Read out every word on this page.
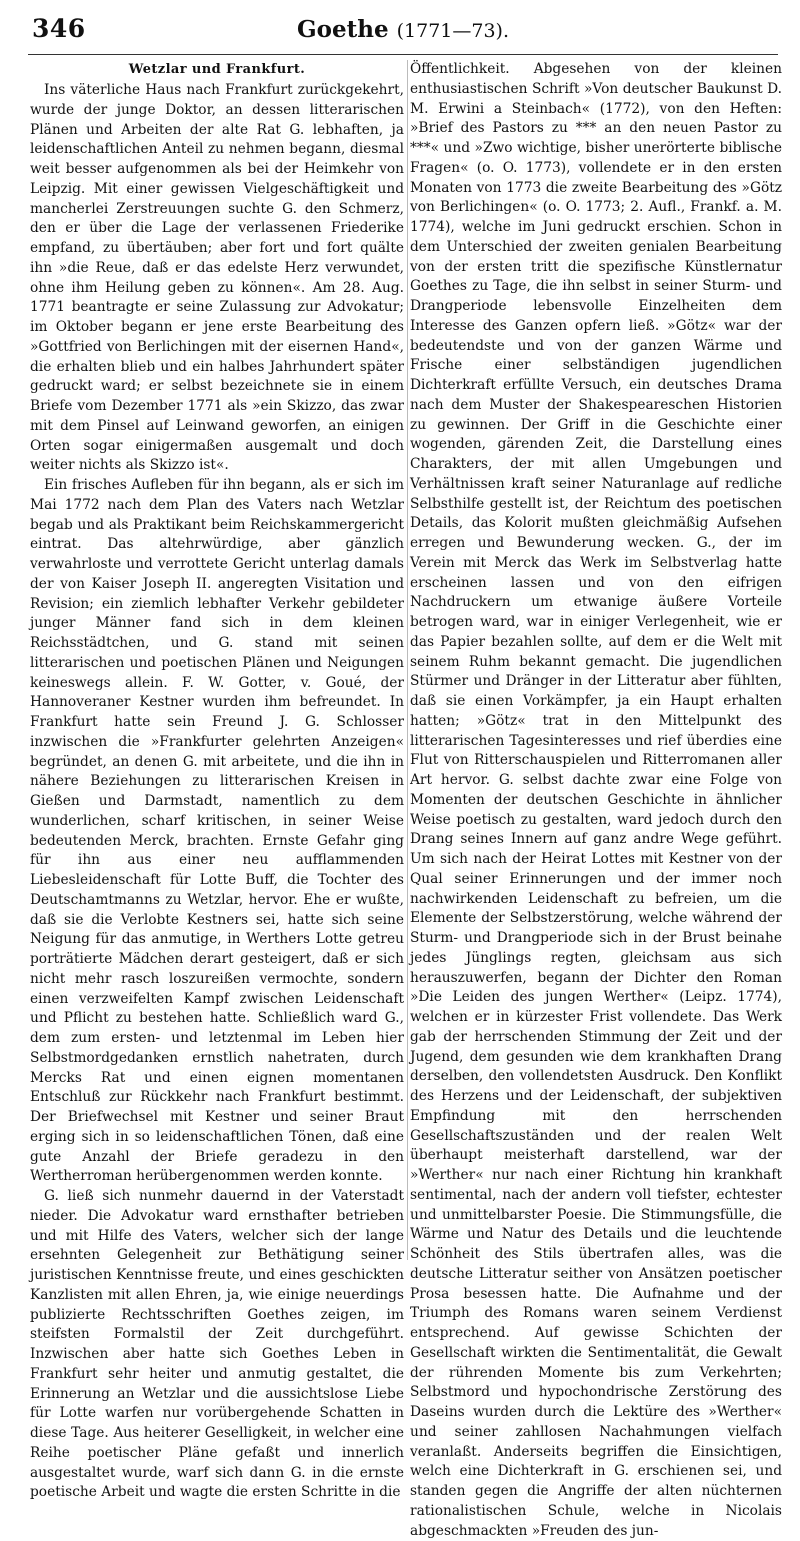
346	Goethe (1771—73).
Wetzlar und Frankfurt.

Ins väterliche Haus nach Frankfurt zurückgekehrt, wurde der junge Doktor, an dessen litterarischen Plänen und Arbeiten der alte Rat G. lebhaften, ja leidenschaftlichen Anteil zu nehmen begann, diesmal weit besser aufgenommen als bei der Heimkehr von Leipzig. Mit einer gewissen Vielgeschäftigkeit und mancherlei Zerstreuungen suchte G. den Schmerz, den er über die Lage der verlassenen Friederike empfand, zu übertäuben; aber fort und fort quälte ihn »die Reue, daß er das edelste Herz verwundet, ohne ihm Heilung geben zu können«. Am 28. Aug. 1771 beantragte er seine Zulassung zur Advokatur; im Oktober begann er jene erste Bearbeitung des »Gottfried von Berlichingen mit der eisernen Hand«, die erhalten blieb und ein halbes Jahrhundert später gedruckt ward; er selbst bezeichnete sie in einem Briefe vom Dezember 1771 als »ein Skizzo, das zwar mit dem Pinsel auf Leinwand geworfen, an einigen Orten sogar einigermaßen ausgemalt und doch weiter nichts als Skizzo ist«.

Ein frisches Aufleben für ihn begann, als er sich im Mai 1772 nach dem Plan des Vaters nach Wetzlar begab und als Praktikant beim Reichskammergericht eintrat. Das altehrwürdige, aber gänzlich verwahrloste und verrottete Gericht unterlag damals der von Kaiser Joseph II. angeregten Visitation und Revision; ein ziemlich lebhafter Verkehr gebildeter junger Männer fand sich in dem kleinen Reichsstädtchen, und G. stand mit seinen litterarischen und poetischen Plänen und Neigungen keineswegs allein. F. W. Gotter, v. Goué, der Hannoveraner Kestner wurden ihm befreundet. In Frankfurt hatte sein Freund J. G. Schlosser inzwischen die »Frankfurter gelehrten Anzeigen« begründet, an denen G. mit arbeitete, und die ihn in nähere Beziehungen zu litterarischen Kreisen in Gießen und Darmstadt, namentlich zu dem wunderlichen, scharf kritischen, in seiner Weise bedeutenden Merck, brachten. Ernste Gefahr ging für ihn aus einer neu aufflammenden Liebesleidenschaft für Lotte Buff, die Tochter des Deutschamtmanns zu Wetzlar, hervor. Ehe er wußte, daß sie die Verlobte Kestners sei, hatte sich seine Neigung für das anmutige, in Werthers Lotte getreu porträtierte Mädchen derart gesteigert, daß er sich nicht mehr rasch loszureißen vermochte, sondern einen verzweifelten Kampf zwischen Leidenschaft und Pflicht zu bestehen hatte. Schließlich ward G., dem zum ersten- und letztenmal im Leben hier Selbstmordgedanken ernstlich nahetraten, durch Mercks Rat und einen eignen momentanen Entschluß zur Rückkehr nach Frankfurt bestimmt. Der Briefwechsel mit Kestner und seiner Braut erging sich in so leidenschaftlichen Tönen, daß eine gute Anzahl der Briefe geradezu in den Wertherroman herübergenommen werden konnte.

G. ließ sich nunmehr dauernd in der Vaterstadt nieder. Die Advokatur ward ernsthafter betrieben und mit Hilfe des Vaters, welcher sich der lange ersehnten Gelegenheit zur Bethätigung seiner juristischen Kenntnisse freute, und eines geschickten Kanzlisten mit allen Ehren, ja, wie einige neuerdings publizierte Rechtsschriften Goethes zeigen, im steifsten Formalstil der Zeit durchgeführt. Inzwischen aber hatte sich Goethes Leben in Frankfurt sehr heiter und anmutig gestaltet, die Erinnerung an Wetzlar und die aussichtslose Liebe für Lotte warfen nur vorübergehende Schatten in diese Tage. Aus heiterer Geselligkeit, in welcher eine Reihe poetischer Pläne gefaßt und innerlich ausgestaltet wurde, warf sich dann G. in die ernste poetische Arbeit und wagte die ersten Schritte in die

Öffentlichkeit. Abgesehen von der kleinen enthusiastischen Schrift »Von deutscher Baukunst D. M. Erwini a Steinbach« (1772), von den Heften: »Brief des Pastors zu *** an den neuen Pastor zu ***« und »Zwo wichtige, bisher unerörterte biblische Fragen« (o. O. 1773), vollendete er in den ersten Monaten von 1773 die zweite Bearbeitung des »Götz von Berlichingen« (o. O. 1773; 2. Aufl., Frankf. a. M. 1774), welche im Juni gedruckt erschien. Schon in dem Unterschied der zweiten genialen Bearbeitung von der ersten tritt die spezifische Künstlernatur Goethes zu Tage, die ihn selbst in seiner Sturm- und Drangperiode lebensvolle Einzelheiten dem Interesse des Ganzen opfern ließ. »Götz« war der bedeutendste und von der ganzen Wärme und Frische einer selbständigen jugendlichen Dichterkraft erfüllte Versuch, ein deutsches Drama nach dem Muster der Shakespeareschen Historien zu gewinnen. Der Griff in die Geschichte einer wogenden, gärenden Zeit, die Darstellung eines Charakters, der mit allen Umgebungen und Verhältnissen kraft seiner Naturanlage auf redliche Selbsthilfe gestellt ist, der Reichtum des poetischen Details, das Kolorit mußten gleichmäßig Aufsehen erregen und Bewunderung wecken. G., der im Verein mit Merck das Werk im Selbstverlag hatte erscheinen lassen und von den eifrigen Nachdruckern um etwanige äußere Vorteile betrogen ward, war in einiger Verlegenheit, wie er das Papier bezahlen sollte, auf dem er die Welt mit seinem Ruhm bekannt gemacht. Die jugendlichen Stürmer und Dränger in der Litteratur aber fühlten, daß sie einen Vorkämpfer, ja ein Haupt erhalten hatten; »Götz« trat in den Mittelpunkt des litterarischen Tagesinteresses und rief überdies eine Flut von Ritterschauspielen und Ritterromanen aller Art hervor. G. selbst dachte zwar eine Folge von Momenten der deutschen Geschichte in ähnlicher Weise poetisch zu gestalten, ward jedoch durch den Drang seines Innern auf ganz andre Wege geführt. Um sich nach der Heirat Lottes mit Kestner von der Qual seiner Erinnerungen und der immer noch nachwirkenden Leidenschaft zu befreien, um die Elemente der Selbstzerstörung, welche während der Sturm- und Drangperiode sich in der Brust beinahe jedes Jünglings regten, gleichsam aus sich herauszuwerfen, begann der Dichter den Roman »Die Leiden des jungen Werther« (Leipz. 1774), welchen er in kürzester Frist vollendete. Das Werk gab der herrschenden Stimmung der Zeit und der Jugend, dem gesunden wie dem krankhaften Drang derselben, den vollendetsten Ausdruck. Den Konflikt des Herzens und der Leidenschaft, der subjektiven Empfindung mit den herrschenden Gesellschaftszuständen und der realen Welt überhaupt meisterhaft darstellend, war der »Werther« nur nach einer Richtung hin krankhaft sentimental, nach der andern voll tiefster, echtester und unmittelbarster Poesie. Die Stimmungsfülle, die Wärme und Natur des Details und die leuchtende Schönheit des Stils übertrafen alles, was die deutsche Litteratur seither von Ansätzen poetischer Prosa besessen hatte. Die Aufnahme und der Triumph des Romans waren seinem Verdienst entsprechend. Auf gewisse Schichten der Gesellschaft wirkten die Sentimentalität, die Gewalt der rührenden Momente bis zum Verkehrten; Selbstmord und hypochondrische Zerstörung des Daseins wurden durch die Lektüre des »Werther« und seiner zahllosen Nachahmungen vielfach veranlaßt. Anderseits begriffen die Einsichtigen, welch eine Dichterkraft in G. erschienen sei, und standen gegen die Angriffe der alten nüchternen rationalistischen Schule, welche in Nicolais abgeschmackten »Freuden des jun-
